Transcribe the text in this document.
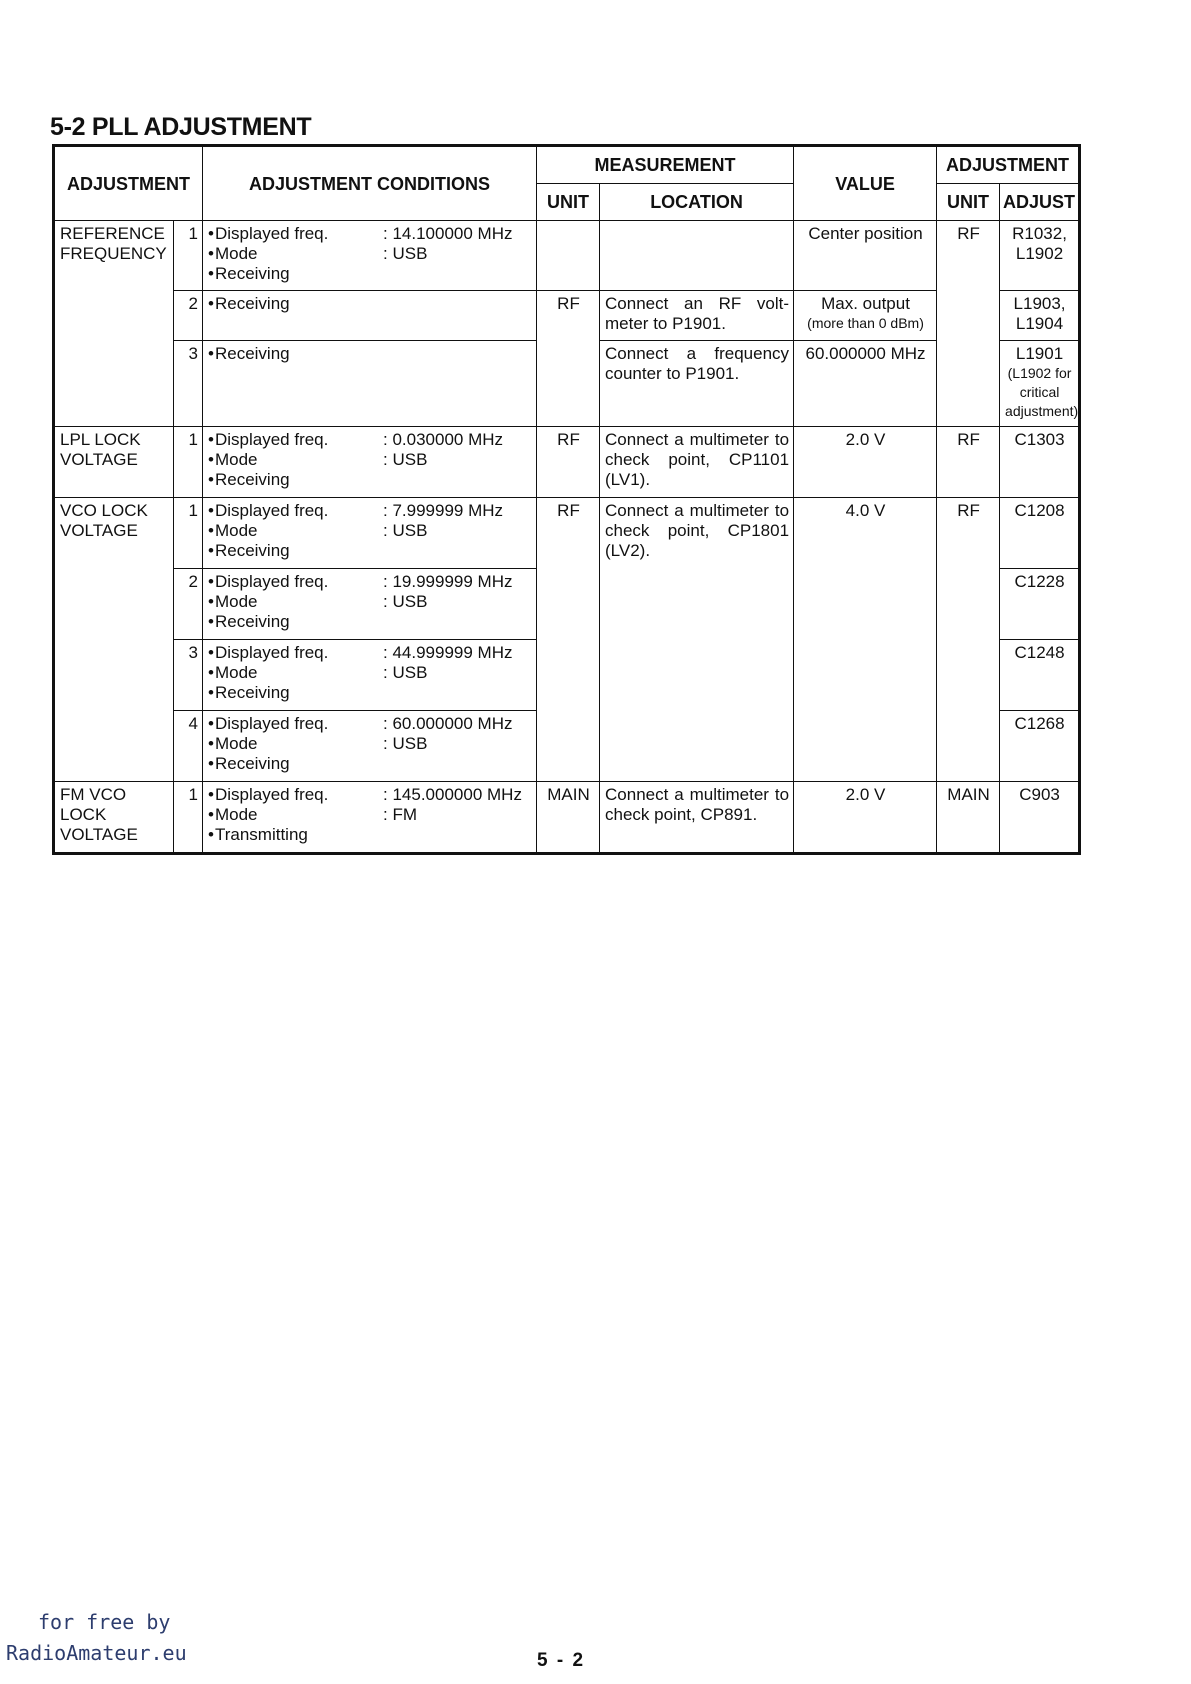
5-2 PLL ADJUSTMENT
ADJUSTMENT		ADJUSTMENT CONDITIONS	MEASUREMENT		VALUE	ADJUSTMENT	
			UNIT	LOCATION		UNIT	ADJUST
REFERENCE FREQUENCY	1	• Displayed freq. : 14.100000 MHz
• Mode : USB
• Receiving			Center position	RF	R1032, L1902
	2	• Receiving	RF	Connect an RF volt-meter to P1901.	Max. output
(more than 0 dBm)		L1903, L1904
	3	• Receiving		Connect a frequency counter to P1901.	60.000000 MHz		L1901
(L1902 for critical adjustment)

LPL LOCK VOLTAGE	1	• Displayed freq. : 0.030000 MHz
• Mode : USB
• Receiving	RF	Connect a multimeter to check point, CP1101 (LV1).	2.0 V	RF	C1303
VCO LOCK VOLTAGE	1	• Displayed freq. : 7.999999 MHz
• Mode : USB
• Receiving	RF	Connect a multimeter to check point, CP1801 (LV2).	4.0 V	RF	C1208
	2	• Displayed freq. : 19.999999 MHz
• Mode : USB
• Receiving					C1228
	3	• Displayed freq. : 44.999999 MHz
• Mode : USB
• Receiving					C1248
	4	• Displayed freq. : 60.000000 MHz
• Mode : USB
• Receiving					C1268
FM VCO LOCK VOLTAGE	1	• Displayed freq. : 145.000000 MHz
• Mode : FM
• Transmitting	MAIN	Connect a multimeter to check point, CP891.	2.0 V	MAIN	C903
for free by
RadioAmateur.eu	5 - 2
